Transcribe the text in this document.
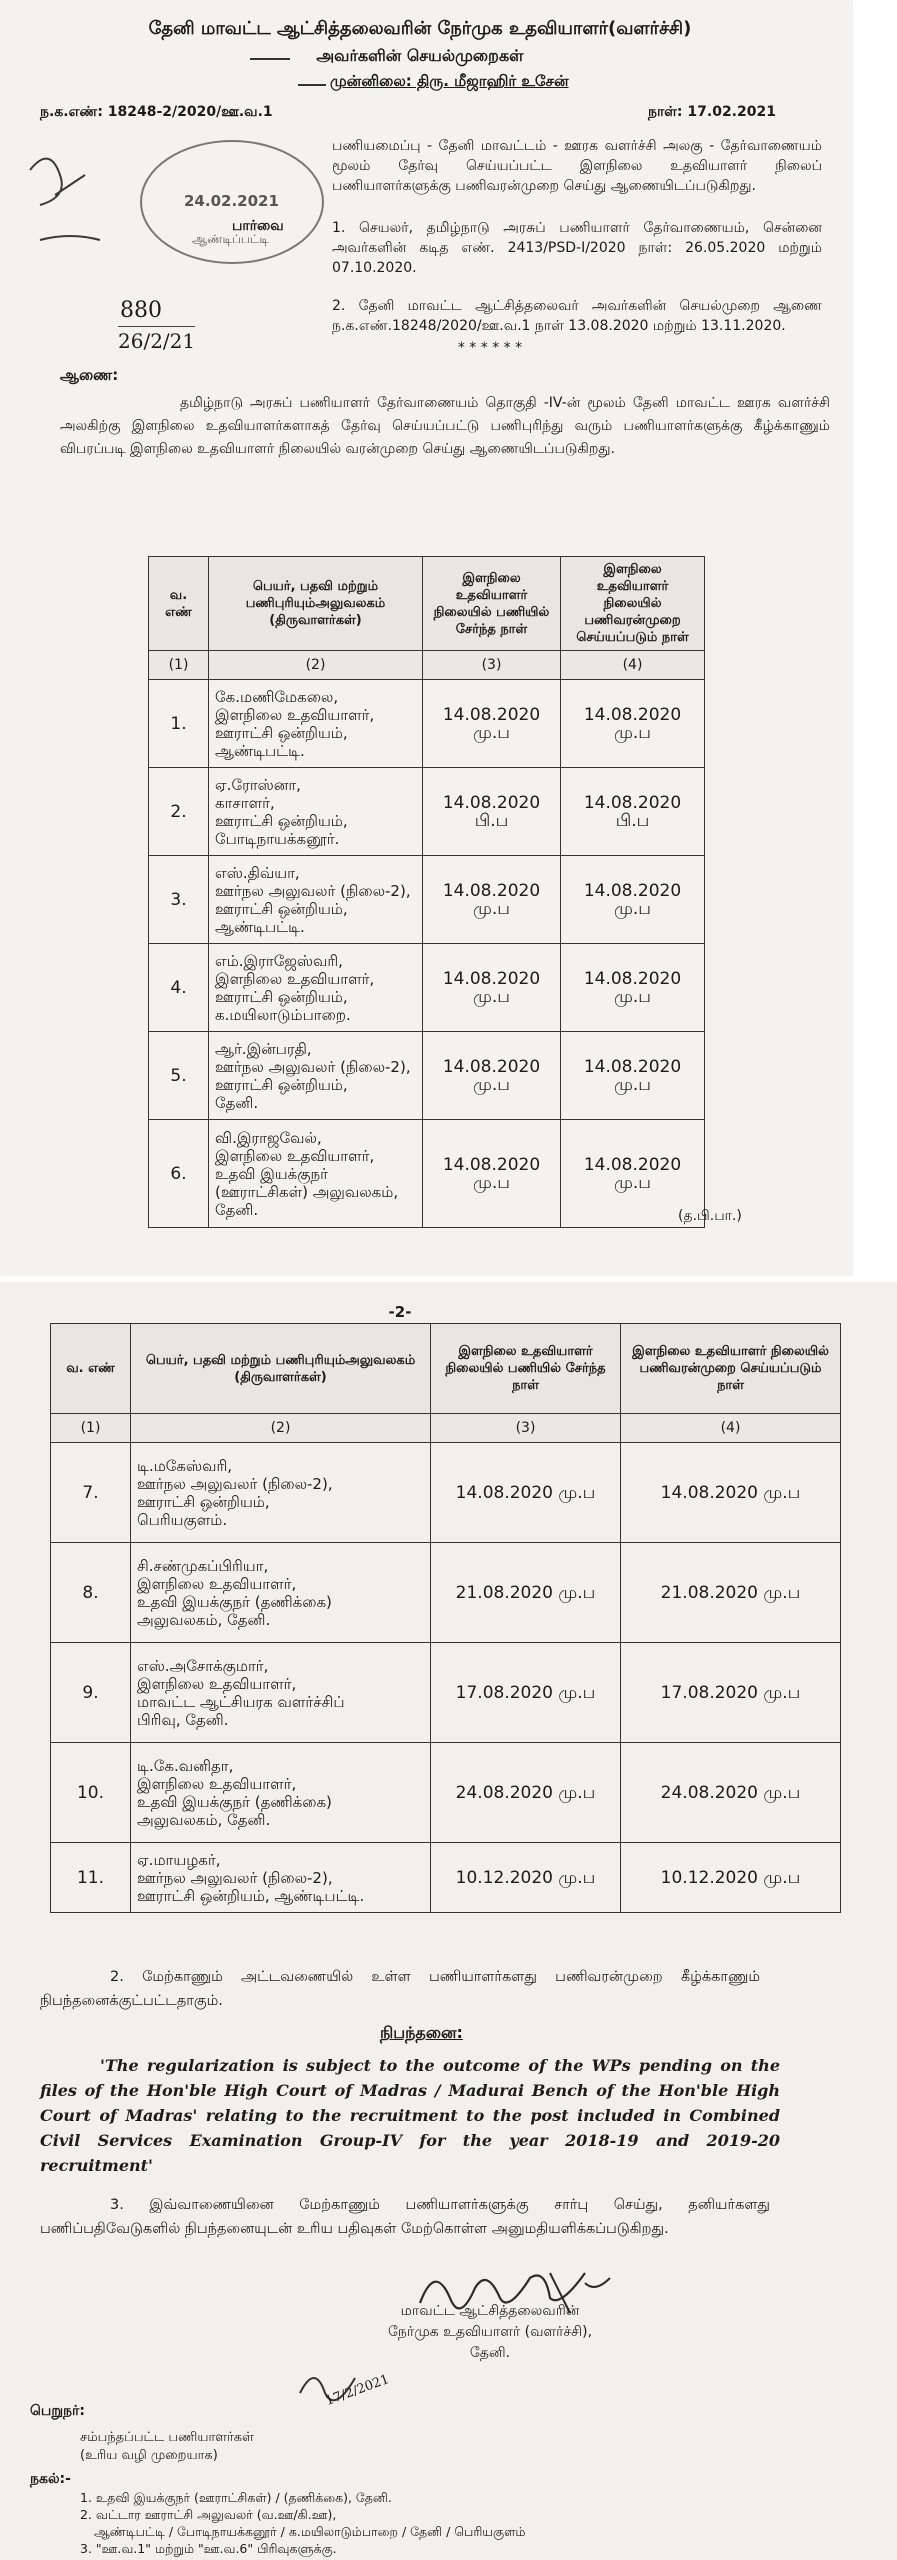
தேனி மாவட்ட ஆட்சித்தலைவரின் நேர்முக உதவியாளர்(வளர்ச்சி)
அவர்களின் செயல்முறைகள்
முன்னிலை: திரு. மீஜாஹிர் உசேன்
ந.க.எண்: 18248-2/2020/ஊ.வ.1	நாள்: 17.02.2021
24.02.2021
ஆண்டிப்பட்டி
பணியமைப்பு - தேனி மாவட்டம் - ஊரக வளர்ச்சி அலகு - தேர்வாணையம் மூலம் தேர்வு செய்யப்பட்ட இளநிலை உதவியாளர் நிலைப் பணியாளர்களுக்கு பணிவரன்முறை செய்து ஆணையிடப்படுகிறது.
பார்வை	1. செயலர், தமிழ்நாடு அரசுப் பணியாளர் தேர்வாணையம், சென்னை அவர்களின் கடித எண். 2413/PSD-I/2020 நாள்: 26.05.2020 மற்றும் 07.10.2020.
2. தேனி மாவட்ட ஆட்சித்தலைவர் அவர்களின் செயல்முறை ஆணை ந.க.எண்.18248/2020/ஊ.வ.1 நாள் 13.08.2020 மற்றும் 13.11.2020.
* * * * * *
880
26/2/21
ஆணை:
தமிழ்நாடு அரசுப் பணியாளர் தேர்வாணையம் தொகுதி -IV-ன் மூலம் தேனி மாவட்ட ஊரக வளர்ச்சி அலகிற்கு இளநிலை உதவியாளர்களாகத் தேர்வு செய்யப்பட்டு பணிபுரிந்து வரும் பணியாளர்களுக்கு கீழ்க்காணும் விபரப்படி இளநிலை உதவியாளர் நிலையில் வரன்முறை செய்து ஆணையிடப்படுகிறது.
வ. எண்	பெயர், பதவி மற்றும் பணிபுரியும்அலுவலகம் (திருவாளர்கள்)	இளநிலை உதவியாளர் நிலையில் பணியில் சேர்ந்த நாள்	இளநிலை உதவியாளர் நிலையில் பணிவரன்முறை செய்யப்படும் நாள்
(1)	(2)	(3)	(4)
1.	கே.மணிமேகலை,
இளநிலை உதவியாளர்,
ஊராட்சி ஒன்றியம்,
ஆண்டிபட்டி.	14.08.2020 மு.ப	14.08.2020 மு.ப
2.	ஏ.ரோஸ்னா,
காசாளர்,
ஊராட்சி ஒன்றியம்,
போடிநாயக்கனூர்.	14.08.2020 பி.ப	14.08.2020 பி.ப
3.	எஸ்.திவ்யா,
ஊர்நல அலுவலர் (நிலை-2),
ஊராட்சி ஒன்றியம்,
ஆண்டிபட்டி.	14.08.2020 மு.ப	14.08.2020 மு.ப
4.	எம்.இராஜேஸ்வரி,
இளநிலை உதவியாளர்,
ஊராட்சி ஒன்றியம்,
க.மயிலாடும்பாறை.	14.08.2020 மு.ப	14.08.2020 மு.ப
5.	ஆர்.இன்பரதி,
ஊர்நல அலுவலர் (நிலை-2),
ஊராட்சி ஒன்றியம்,
தேனி.	14.08.2020 மு.ப	14.08.2020 மு.ப
6.	வி.இராஜவேல்,
இளநிலை உதவியாளர்,
உதவி இயக்குநர்
(ஊராட்சிகள்) அலுவலகம்,
தேனி.	14.08.2020 மு.ப	14.08.2020 மு.ப
(த.பி.பா.)
-2-
வ. எண்	பெயர், பதவி மற்றும் பணிபுரியும்அலுவலகம் (திருவாளர்கள்)	இளநிலை உதவியாளர் நிலையில் பணியில் சேர்ந்த நாள்	இளநிலை உதவியாளர் நிலையில் பணிவரன்முறை செய்யப்படும் நாள்
(1)	(2)	(3)	(4)
7.	டி.மகேஸ்வரி,
ஊர்நல அலுவலர் (நிலை-2),
ஊராட்சி ஒன்றியம்,
பெரியகுளம்.	14.08.2020 மு.ப	14.08.2020 மு.ப
8.	சி.சண்முகப்பிரியா,
இளநிலை உதவியாளர்,
உதவி இயக்குநர் (தணிக்கை)
அலுவலகம், தேனி.	21.08.2020 மு.ப	21.08.2020 மு.ப
9.	எஸ்.அசோக்குமார்,
இளநிலை உதவியாளர்,
மாவட்ட ஆட்சியரக வளர்ச்சிப்
பிரிவு, தேனி.	17.08.2020 மு.ப	17.08.2020 மு.ப
10.	டி.கே.வனிதா,
இளநிலை உதவியாளர்,
உதவி இயக்குநர் (தணிக்கை)
அலுவலகம், தேனி.	24.08.2020 மு.ப	24.08.2020 மு.ப
11.	ஏ.மாயழகர்,
ஊர்நல அலுவலர் (நிலை-2),
ஊராட்சி ஒன்றியம், ஆண்டிபட்டி.	10.12.2020 மு.ப	10.12.2020 மு.ப
2. மேற்காணும் அட்டவணையில் உள்ள பணியாளர்களது பணிவரன்முறை கீழ்க்காணும் நிபந்தனைக்குட்பட்டதாகும்.
நிபந்தனை:
'The regularization is subject to the outcome of the WPs pending on the files of the Hon'ble High Court of Madras / Madurai Bench of the Hon'ble High Court of Madras' relating to the recruitment to the post included in Combined Civil Services Examination Group-IV for the year 2018-19 and 2019-20 recruitment'
3. இவ்வாணையினை மேற்காணும் பணியாளர்களுக்கு சார்பு செய்து, தனியர்களது பணிப்பதிவேடுகளில் நிபந்தனையுடன் உரிய பதிவுகள் மேற்கொள்ள அனுமதியளிக்கப்படுகிறது.
மாவட்ட ஆட்சித்தலைவரின்
நேர்முக உதவியாளர் (வளர்ச்சி),
தேனி.
17/2/2021
பெறுநர்:
சம்பந்தப்பட்ட பணியாளர்கள்
(உரிய வழி முறையாக)
நகல்:-
1. உதவி இயக்குநர் (ஊராட்சிகள்) / (தணிக்கை), தேனி.
2. வட்டார ஊராட்சி அலுவலர் (வ.ஊ/கி.ஊ),
ஆண்டிபட்டி / போடிநாயக்கனூர் / க.மயிலாடும்பாறை / தேனி / பெரியகுளம்
3. "ஊ.வ.1" மற்றும் "ஊ.வ.6" பிரிவுகளுக்கு.
